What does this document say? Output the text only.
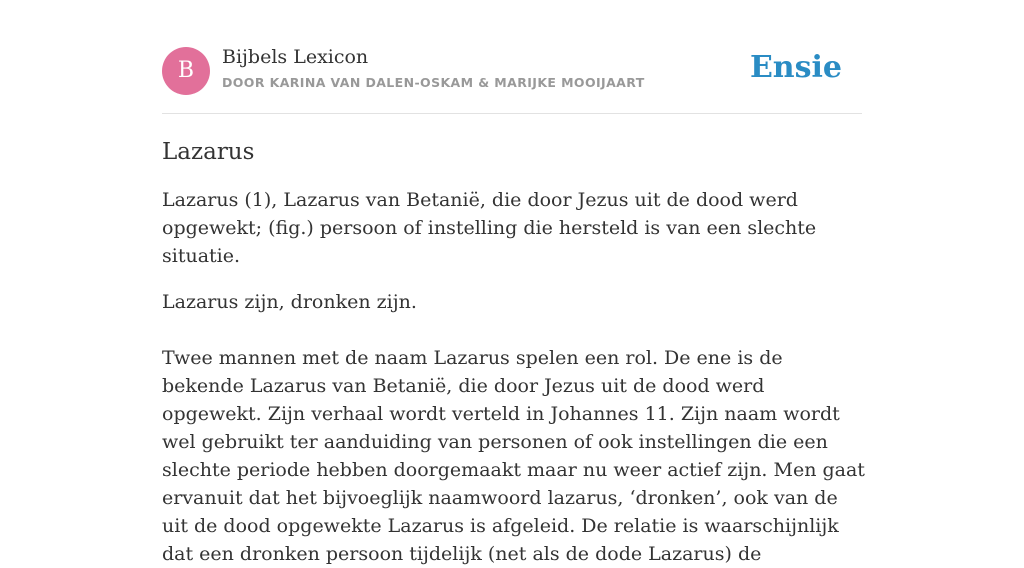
B
Bijbels Lexicon
DOOR KARINA VAN DALEN-OSKAM & MARIJKE MOOIJAART	Ensie
Lazarus

Lazarus (1), Lazarus van Betanië, die door Jezus uit de dood werd opgewekt; (fig.) persoon of instelling die hersteld is van een slechte situatie.

Lazarus zijn, dronken zijn.

Twee mannen met de naam Lazarus spelen een rol. De ene is de bekende Lazarus van Betanië, die door Jezus uit de dood werd opgewekt. Zijn verhaal wordt verteld in Johannes 11. Zijn naam wordt wel gebruikt ter aanduiding van personen of ook instellingen die een slechte periode hebben doorgemaakt maar nu weer actief zijn. Men gaat ervanuit dat het bijvoeglijk naamwoord lazarus, ‘dronken’, ook van de uit de dood opgewekte Lazarus is afgeleid. De relatie is waarschijnlijk dat een dronken persoon tijdelijk (net als de dode Lazarus) de
